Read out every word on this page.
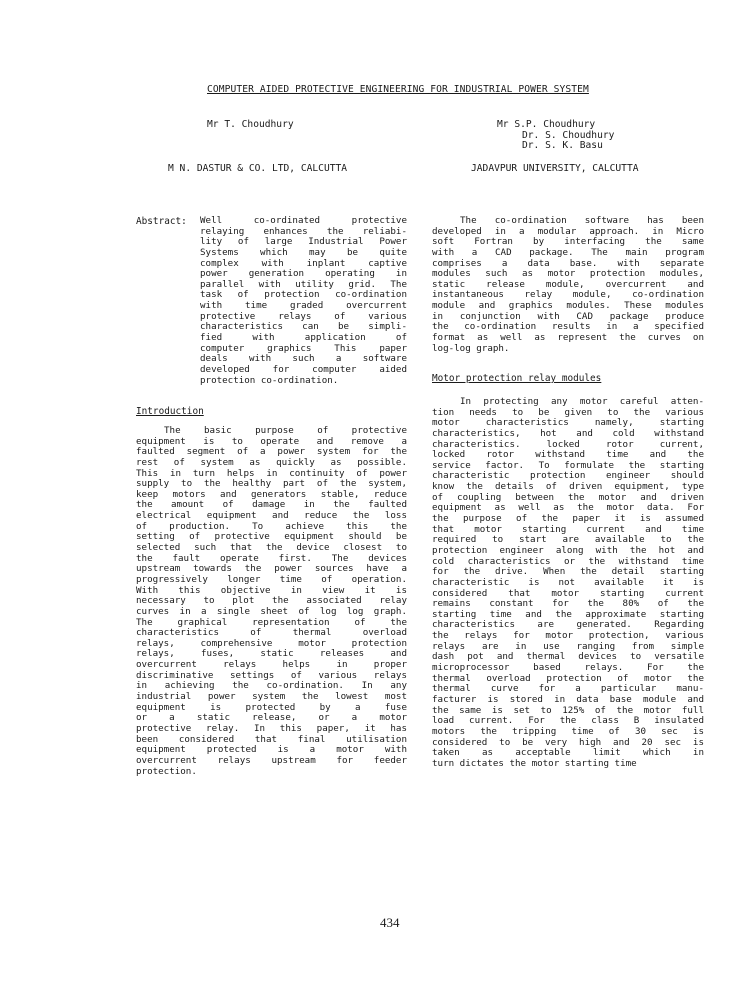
COMPUTER AIDED PROTECTIVE ENGINEERING FOR INDUSTRIAL POWER SYSTEM
Mr T. Choudhury	Mr S.P. Choudhury
Dr. S. Choudhury
Dr. S. K. Basu
M N. DASTUR & CO. LTD, CALCUTTA	JADAVPUR UNIVERSITY, CALCUTTA
Abstract: Well co-ordinated protective
relaying enhances the reliabi-
lity of large Industrial Power
Systems which may be quite
complex with inplant captive
power generation operating in
parallel with utility grid. The
task of protection co-ordination
with time graded overcurrent
protective relays of various
characteristics can be simpli-
fied with application of
computer graphics This paper
deals with such a software
developed for computer aided
protection co-ordination.
Introduction
The basic purpose of protective
equipment is to operate and remove a
faulted segment of a power system for the
rest of system as quickly as possible.
This in turn helps in continuity of power
supply to the healthy part of the system,
keep motors and generators stable, reduce
the amount of damage in the faulted
electrical equipment and reduce the loss
of production. To achieve this the
setting of protective equipment should be
selected such that the device closest to
the fault operate first. The devices
upstream towards the power sources have a
progressively longer time of operation.
With this objective in view it is
necessary to plot the associated relay
curves in a single sheet of log log graph.
The graphical representation of the
characteristics of thermal overload
relays, comprehensive motor protection
relays, fuses, static releases and
overcurrent relays helps in proper
discriminative settings of various relays
in achieving the co-ordination. In any
industrial power system the lowest most
equipment is protected by a fuse
or a static release, or a motor
protective relay. In this paper, it has
been considered that final utilisation
equipment protected is a motor with
overcurrent relays upstream for feeder
protection.
The co-ordination software has been
developed in a modular approach. in Micro
soft Fortran by interfacing the same
with a CAD package. The main program
comprises a data base. with separate
modules such as motor protection modules,
static release module, overcurrent and
instantaneous relay module, co-ordination
module and graphics modules. These modules
in conjunction with CAD package produce
the co-ordination results in a specified
format as well as represent the curves on
log-log graph.
Motor protection relay modules
In protecting any motor careful atten-
tion needs to be given to the various
motor characteristics namely, starting
characteristics, hot and cold withstand
characteristics. locked rotor current,
locked rotor withstand time and the
service factor. To formulate the starting
characteristic protection engineer should
know the details of driven equipment, type
of coupling between the motor and driven
equipment as well as the motor data. For
the purpose of the paper it is assumed
that motor starting current and time
required to start are available to the
protection engineer along with the hot and
cold characteristics or the withstand time
for the drive. When the detail starting
characteristic is not available it is
considered that motor starting current
remains constant for the 80% of the
starting time and the approximate starting
characteristics are generated. Regarding
the relays for motor protection, various
relays are in use ranging from simple
dash pot and thermal devices to versatile
microprocessor based relays. For the
thermal overload protection of motor the
thermal curve for a particular manu-
facturer is stored in data base module and
the same is set to 125% of the motor full
load current. For the class B insulated
motors the tripping time of 30 sec is
considered to be very high and 20 sec is
taken as acceptable limit which in
turn dictates the motor starting time
434
